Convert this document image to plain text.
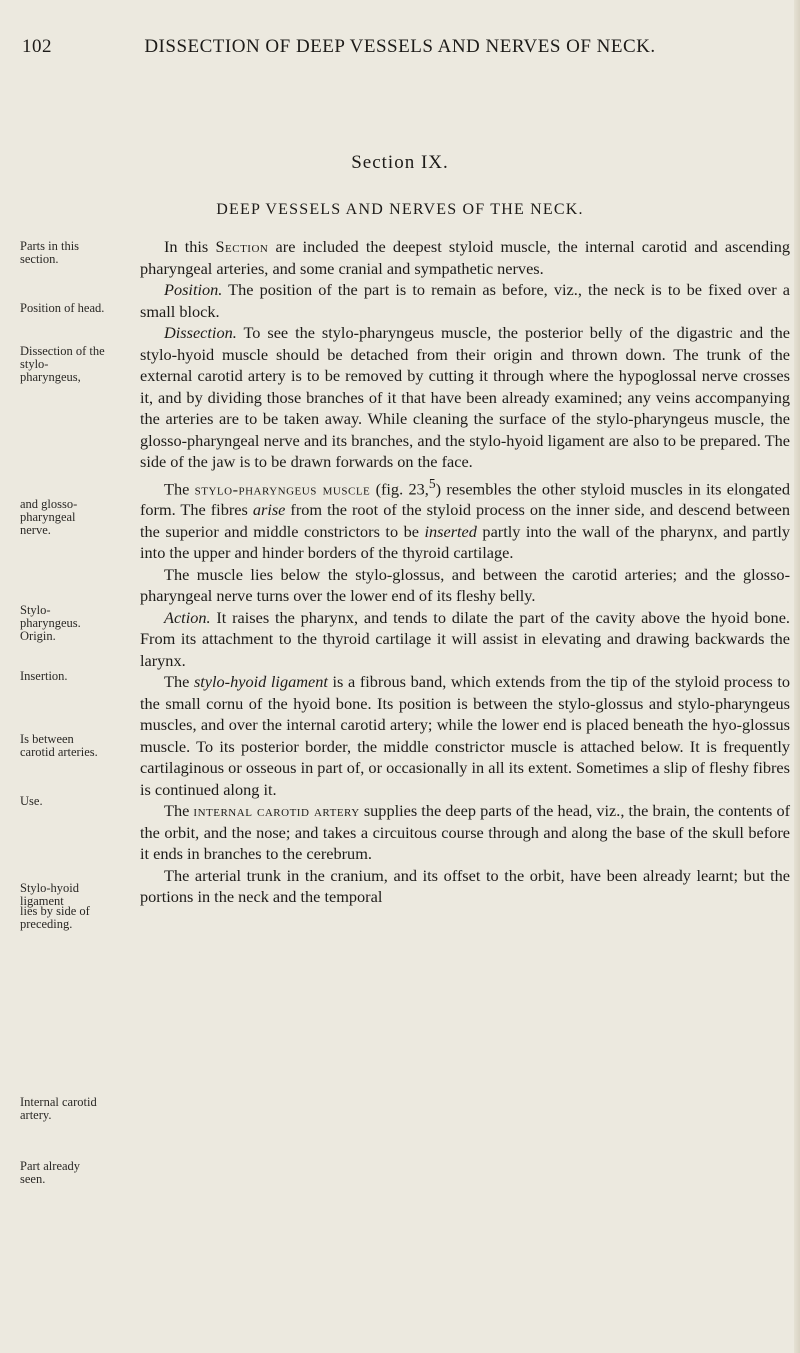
102	DISSECTION OF DEEP VESSELS AND NERVES OF NECK.
Section IX.
DEEP VESSELS AND NERVES OF THE NECK.
Parts in this section.
Position of head.
Dissection of the stylo-pharyngeus,
and glosso-pharyngeal nerve.
Stylo-pharyngeus. Origin.
Insertion.
Is between carotid arteries.
Use.
Stylo-hyoid ligament
lies by side of preceding.
Internal carotid artery.
Part already seen.

In this Section are included the deepest styloid muscle, the internal carotid and ascending pharyngeal arteries, and some cranial and sympathetic nerves.

Position. The position of the part is to remain as before, viz., the neck is to be fixed over a small block.

Dissection. To see the stylo-pharyngeus muscle, the posterior belly of the digastric and the stylo-hyoid muscle should be detached from their origin and thrown down. The trunk of the external carotid artery is to be removed by cutting it through where the hypoglossal nerve crosses it, and by dividing those branches of it that have been already examined; any veins accompanying the arteries are to be taken away. While cleaning the surface of the stylo-pharyngeus muscle, the glosso-pharyngeal nerve and its branches, and the stylo-hyoid ligament are also to be prepared. The side of the jaw is to be drawn forwards on the face.

The stylo-pharyngeus muscle (fig. 23,$^5$) resembles the other styloid muscles in its elongated form. The fibres arise from the root of the styloid process on the inner side, and descend between the superior and middle constrictors to be inserted partly into the wall of the pharynx, and partly into the upper and hinder borders of the thyroid cartilage.

The muscle lies below the stylo-glossus, and between the carotid arteries; and the glosso-pharyngeal nerve turns over the lower end of its fleshy belly.

Action. It raises the pharynx, and tends to dilate the part of the cavity above the hyoid bone. From its attachment to the thyroid cartilage it will assist in elevating and drawing backwards the larynx.

The stylo-hyoid ligament is a fibrous band, which extends from the tip of the styloid process to the small cornu of the hyoid bone. Its position is between the stylo-glossus and stylo-pharyngeus muscles, and over the internal carotid artery; while the lower end is placed beneath the hyo-glossus muscle. To its posterior border, the middle constrictor muscle is attached below. It is frequently cartilaginous or osseous in part of, or occasionally in all its extent. Sometimes a slip of fleshy fibres is continued along it.

The internal carotid artery supplies the deep parts of the head, viz., the brain, the contents of the orbit, and the nose; and takes a circuitous course through and along the base of the skull before it ends in branches to the cerebrum.

The arterial trunk in the cranium, and its offset to the orbit, have been already learnt; but the portions in the neck and the temporal
